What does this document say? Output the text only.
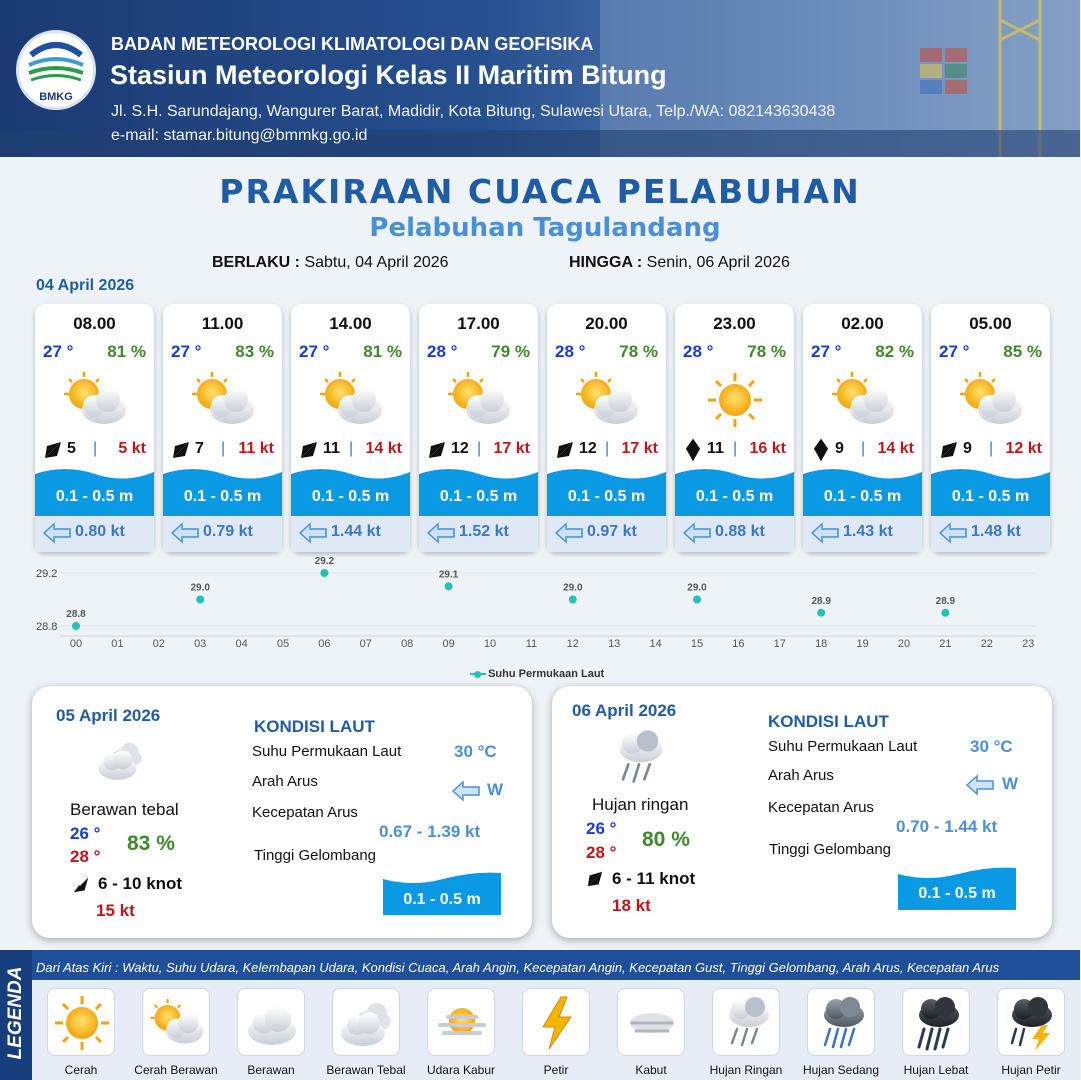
BMKG
BADAN METEOROLOGI KLIMATOLOGI DAN GEOFISIKA
Stasiun Meteorologi Kelas II Maritim Bitung
Jl. S.H. Sarundajang, Wangurer Barat, Madidir, Kota Bitung, Sulawesi Utara, Telp./WA: 082143630438
e-mail: stamar.bitung@bmmkg.go.id
PRAKIRAAN CUACA PELABUHAN
Pelabuhan Tagulandang
BERLAKU : Sabtu, 04 April 2026	HINGGA : Senin, 06 April 2026
04 April 2026
08.00
27 ° 81 %
5 | 5 kt
0.1 - 0.5 m
0.80 kt
11.00
27 ° 83 %
7 | 11 kt
0.1 - 0.5 m
0.79 kt
14.00
27 ° 81 %
11 | 14 kt
0.1 - 0.5 m
1.44 kt
17.00
28 ° 79 %
12 | 17 kt
0.1 - 0.5 m
1.52 kt
20.00
28 ° 78 %
12 | 17 kt
0.1 - 0.5 m
0.97 kt
23.00
28 ° 78 %
11 | 16 kt
0.1 - 0.5 m
0.88 kt
02.00
27 ° 82 %
9 | 14 kt
0.1 - 0.5 m
1.43 kt
05.00
27 ° 85 %
9 | 12 kt
0.1 - 0.5 m
1.48 kt
29.2
28.8
00	01	02	03	04	05	06	07	08	09	10	11	12	13	14	15	16	17	18	19	20	21	22	23
28.8
29.0
29.2
29.1
29.0	29.0
28.9	28.9
Suhu Permukaan Laut
05 April 2026
Berawan tebal
26 °
28 °
83 %
6 - 10 knot
15 kt
KONDISI LAUT
Suhu Permukaan Laut	30 °C
Arah Arus	W
Kecepatan Arus
0.67 - 1.39 kt
Tinggi Gelombang
0.1 - 0.5 m
06 April 2026
Hujan ringan
26 °
28 °
80 %
6 - 11 knot
18 kt
KONDISI LAUT
Suhu Permukaan Laut	30 °C
Arah Arus	W
Kecepatan Arus
0.70 - 1.44 kt
Tinggi Gelombang
0.1 - 0.5 m
LEGENDA Dari Atas Kiri : Waktu, Suhu Udara, Kelembapan Udara, Kondisi Cuaca, Arah Angin, Kecepatan Angin, Kecepatan Gust, Tinggi Gelombang, Arah Arus, Kecepatan Arus
Cerah	Cerah Berawan	Berawan	Berawan Tebal	Udara Kabur	Petir	Kabut	Hujan Ringan	Hujan Sedang	Hujan Lebat	Hujan Petir
